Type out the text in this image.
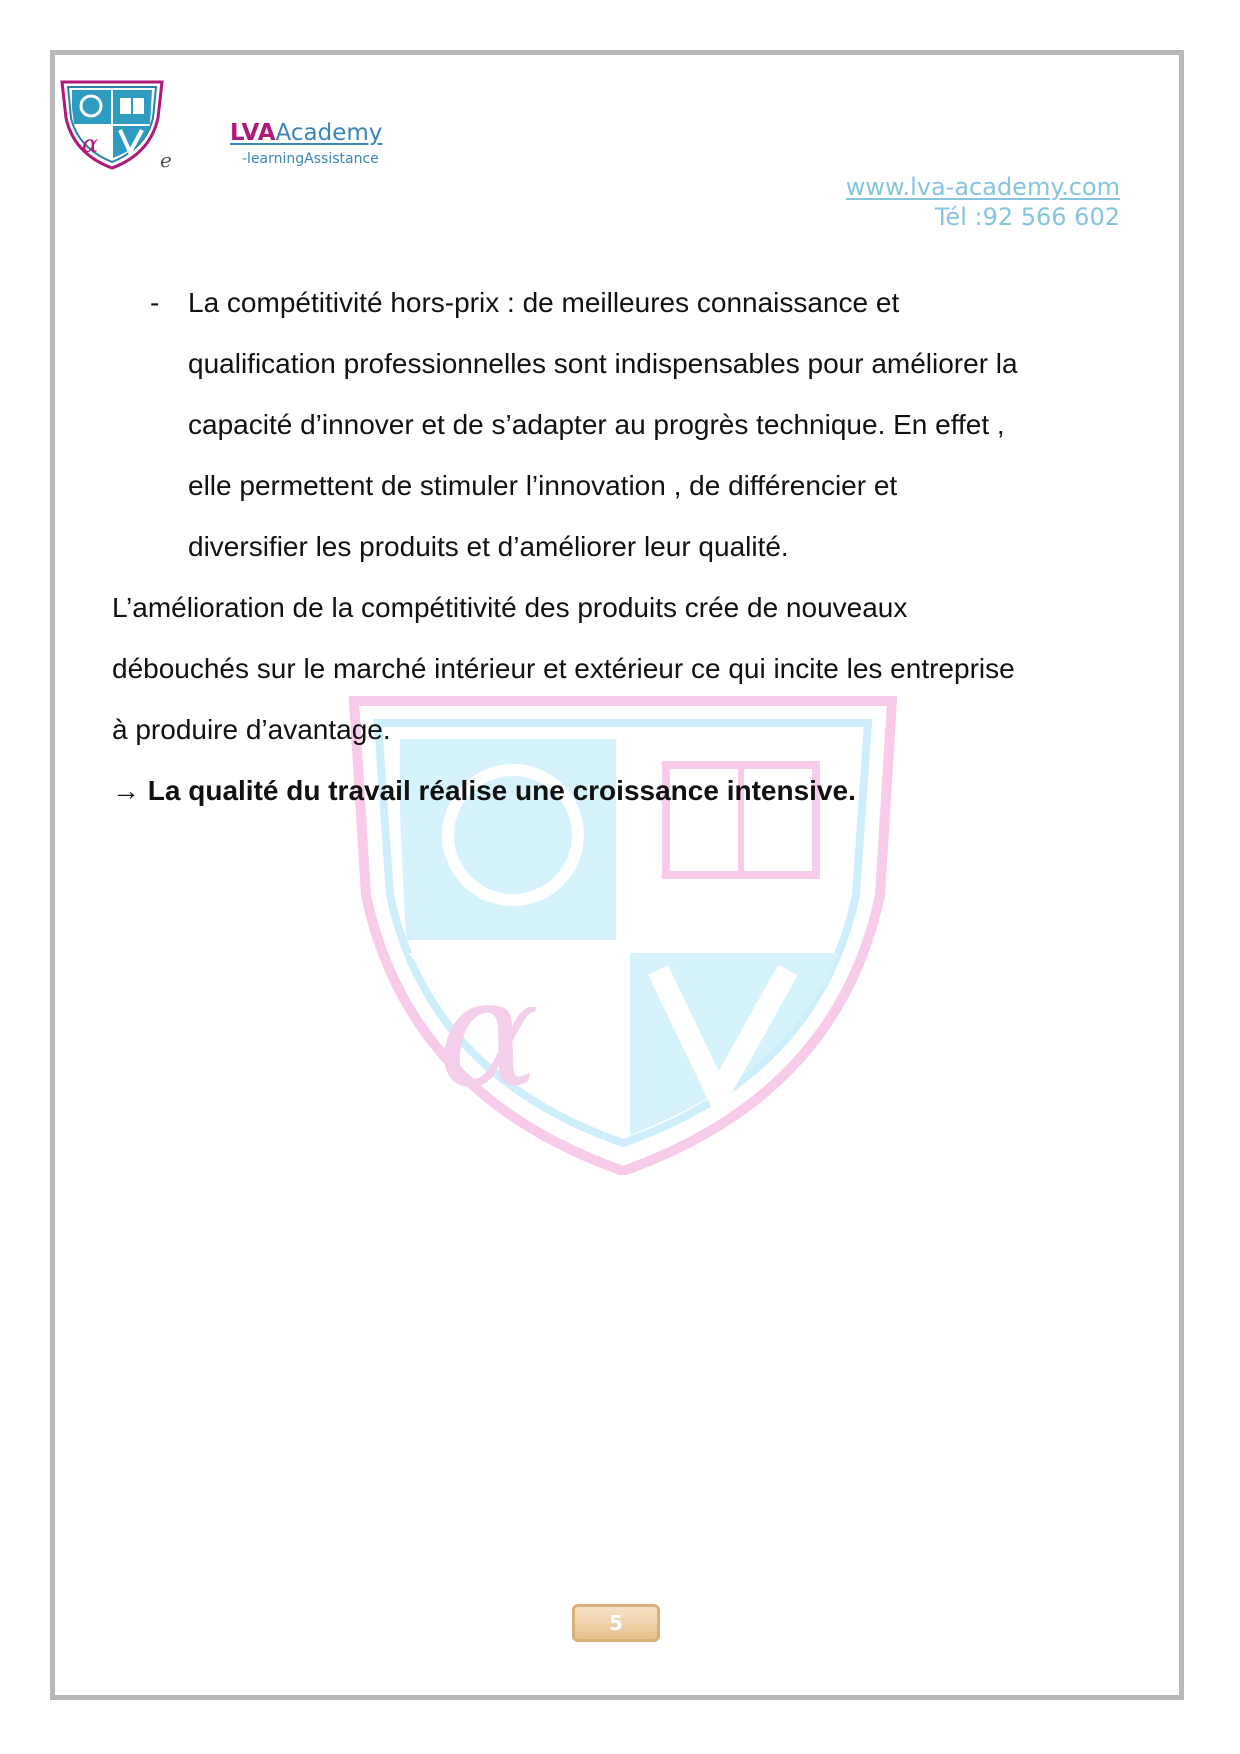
α
e
LVAAcademy
-learningAssistance
www.lva-academy.com
Tél :92 566 602
α
- La compétitivité hors-prix : de meilleures connaissance et
qualification professionnelles sont indispensables pour améliorer la
capacité d’innover et de s’adapter au progrès technique. En effet ,
elle permettent de stimuler l’innovation , de différencier et
diversifier les produits et d’améliorer leur qualité.
L’amélioration de la compétitivité des produits crée de nouveaux
débouchés sur le marché intérieur et extérieur ce qui incite les entreprise
à produire d’avantage.
→ La qualité du travail réalise une croissance intensive.
5
